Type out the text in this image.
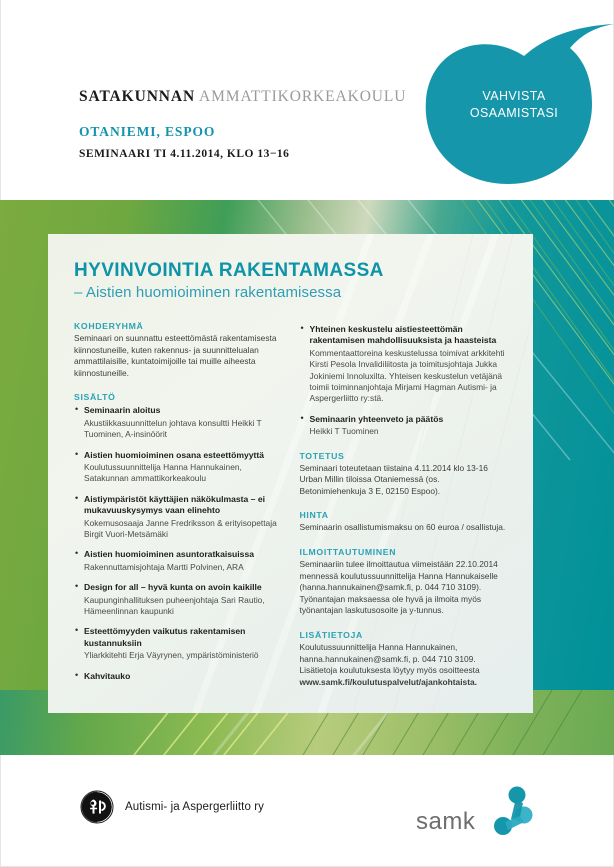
SATAKUNNAN AMMATTIKORKEAKOULU
OTANIEMI, ESPOO
SEMINAARI TI 4.11.2014, KLO 13−16
VAHVISTA
OSAAMISTASI
HYVINVOINTIA RAKENTAMASSA
– Aistien huomioiminen rakentamisessa
KOHDERYHMÄ

Seminaari on suunnattu esteettömästä rakentamisesta kiinnostuneille, kuten rakennus- ja suunnittelualan ammattilaisille, kuntatoimijoille tai muille aiheesta kiinnostuneille.

SISÄLTÖ
• Seminaarin aloitus
Akustiikkasuunnittelun johtava konsultti Heikki T Tuominen, A-insinöörit
• Aistien huomioiminen osana esteettömyyttä
Koulutussuunnittelija Hanna Hannukainen, Satakunnan ammattikorkeakoulu
• Aistiympäristöt käyttäjien näkökulmasta – ei mukavuuskysymys vaan elinehto
Kokemusosaaja Janne Fredriksson & erityisopettaja Birgit Vuori-Metsämäki
• Aistien huomioiminen asuntoratkaisuissa
Rakennuttamisjohtaja Martti Polvinen, ARA
• Design for all – hyvä kunta on avoin kaikille
Kaupunginhallituksen puheenjohtaja Sari Rautio, Hämeenlinnan kaupunki
• Esteettömyyden vaikutus rakentamisen kustannuksiin
Yliarkkitehti Erja Väyrynen, ympäristöministeriö
• Kahvitauko
• Yhteinen keskustelu aistiesteettömän rakentamisen mahdollisuuksista ja haasteista
Kommentaattoreina keskustelussa toimivat arkkitehti Kirsti Pesola Invalidiliitosta ja toimitusjohtaja Jukka Jokiniemi Innoluxilta. Yhteisen keskustelun vetäjänä toimii toiminnanjohtaja Mirjami Hagman Autismi- ja Aspergerliitto ry:stä.
• Seminaarin yhteenveto ja päätös
Heikki T Tuominen
TOTETUS

Seminaari toteutetaan tiistaina 4.11.2014 klo 13-16 Urban Millin tiloissa Otaniemessä (os. Betonimiehenkuja 3 E, 02150 Espoo).

HINTA

Seminaarin osallistumismaksu on 60 euroa / osallistuja.

ILMOITTAUTUMINEN

Seminaariin tulee ilmoittautua viimeistään 22.10.2014 mennessä koulutussuunnittelija Hanna Hannukaiselle (hanna.hannukainen@samk.fi, p. 044 710 3109). Työnantajan maksaessa ole hyvä ja ilmoita myös työnantajan laskutusosoite ja y-tunnus.

LISÄTIETOJA

Koulutussuunnittelija Hanna Hannukainen, hanna.hannukainen@samk.fi, p. 044 710 3109. Lisätietoja koulutuksesta löytyy myös osoitteesta www.samk.fi/koulutuspalvelut/ajankohtaista.

Autismi- ja Aspergerliitto ry
samk
